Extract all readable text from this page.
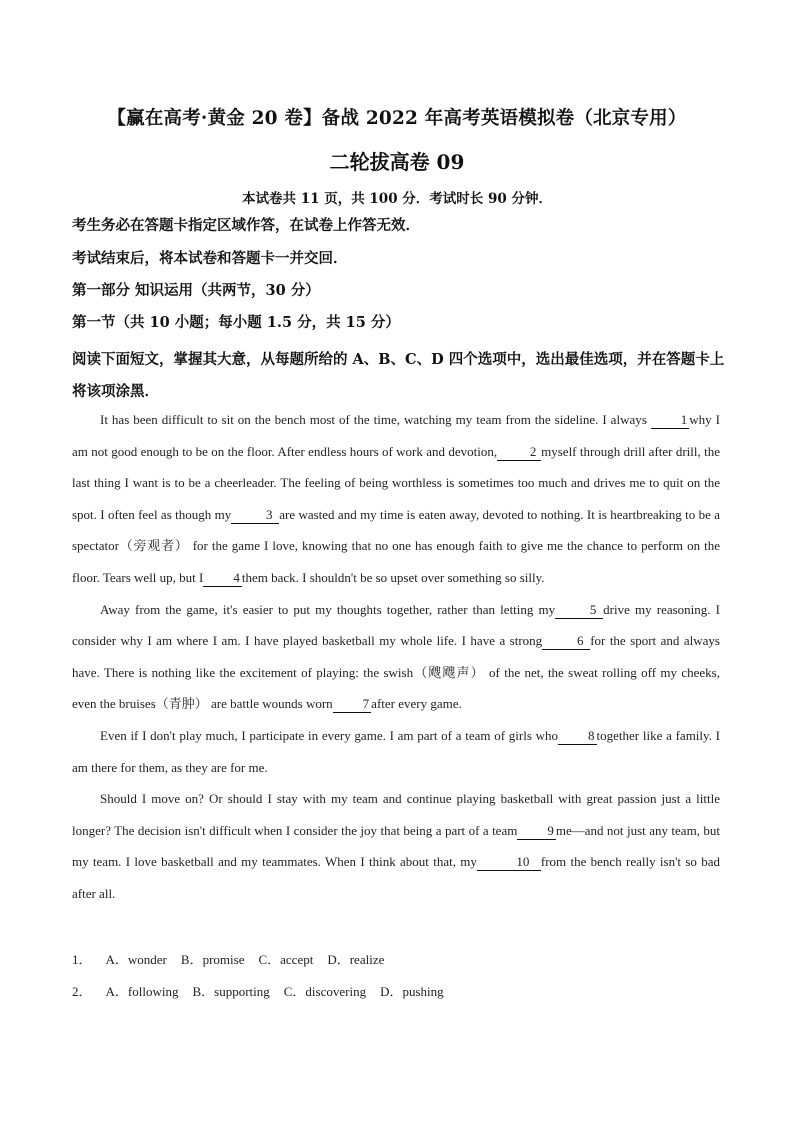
【赢在高考·黄金 20 卷】备战 2022 年高考英语模拟卷（北京专用）
二轮拔高卷 09
本试卷共 11 页，共 100 分．考试时长 90 分钟．
考生务必在答题卡指定区域作答，在试卷上作答无效．
考试结束后，将本试卷和答题卡一并交回．
第一部分 知识运用（共两节，30 分）
第一节（共 10 小题；每小题 1.5 分，共 15 分）
阅读下面短文，掌握其大意，从每题所给的 A、B、C、D 四个选项中，选出最佳选项，并在答题卡上将该项涂黑．

It has been difficult to sit on the bench most of the time, watching my team from the sideline. I always	1 why I am not good enough to be on the floor. After endless hours of work and devotion,	2 myself through drill after drill, the last thing I want is to be a cheerleader. The feeling of being worthless is sometimes too much and drives me to quit on the spot. I often feel as though my	3 are wasted and my time is eaten away, devoted to nothing. It is heartbreaking to be a spectator（旁观者） for the game I love, knowing that no one has enough faith to give me the chance to perform on the floor. Tears well up, but I 4 them back. I shouldn't be so upset over something so silly.

Away from the game, it's easier to put my thoughts together, rather than letting my	5 drive my reasoning. I consider why I am where I am. I have played basketball my whole life. I have a strong	6 for the sport and always have. There is nothing like the excitement of playing: the swish（飕飕声） of the net, the sweat rolling off my cheeks, even the bruises（青肿） are battle wounds worn 7 after every game.

Even if I don't play much, I participate in every game. I am part of a team of girls who 8 together like a family. I am there for them, as they are for me.

Should I move on? Or should I stay with my team and continue playing basketball with great passion just a little longer? The decision isn't difficult when I consider the joy that being a part of a team 9 me—and not just any team, but my team. I love basketball and my teammates. When I think about that, my	10 from the bench really isn't so bad after all.

1． A．wonder B．promise C．accept D．realize
2． A．following B．supporting C．discovering D．pushing
